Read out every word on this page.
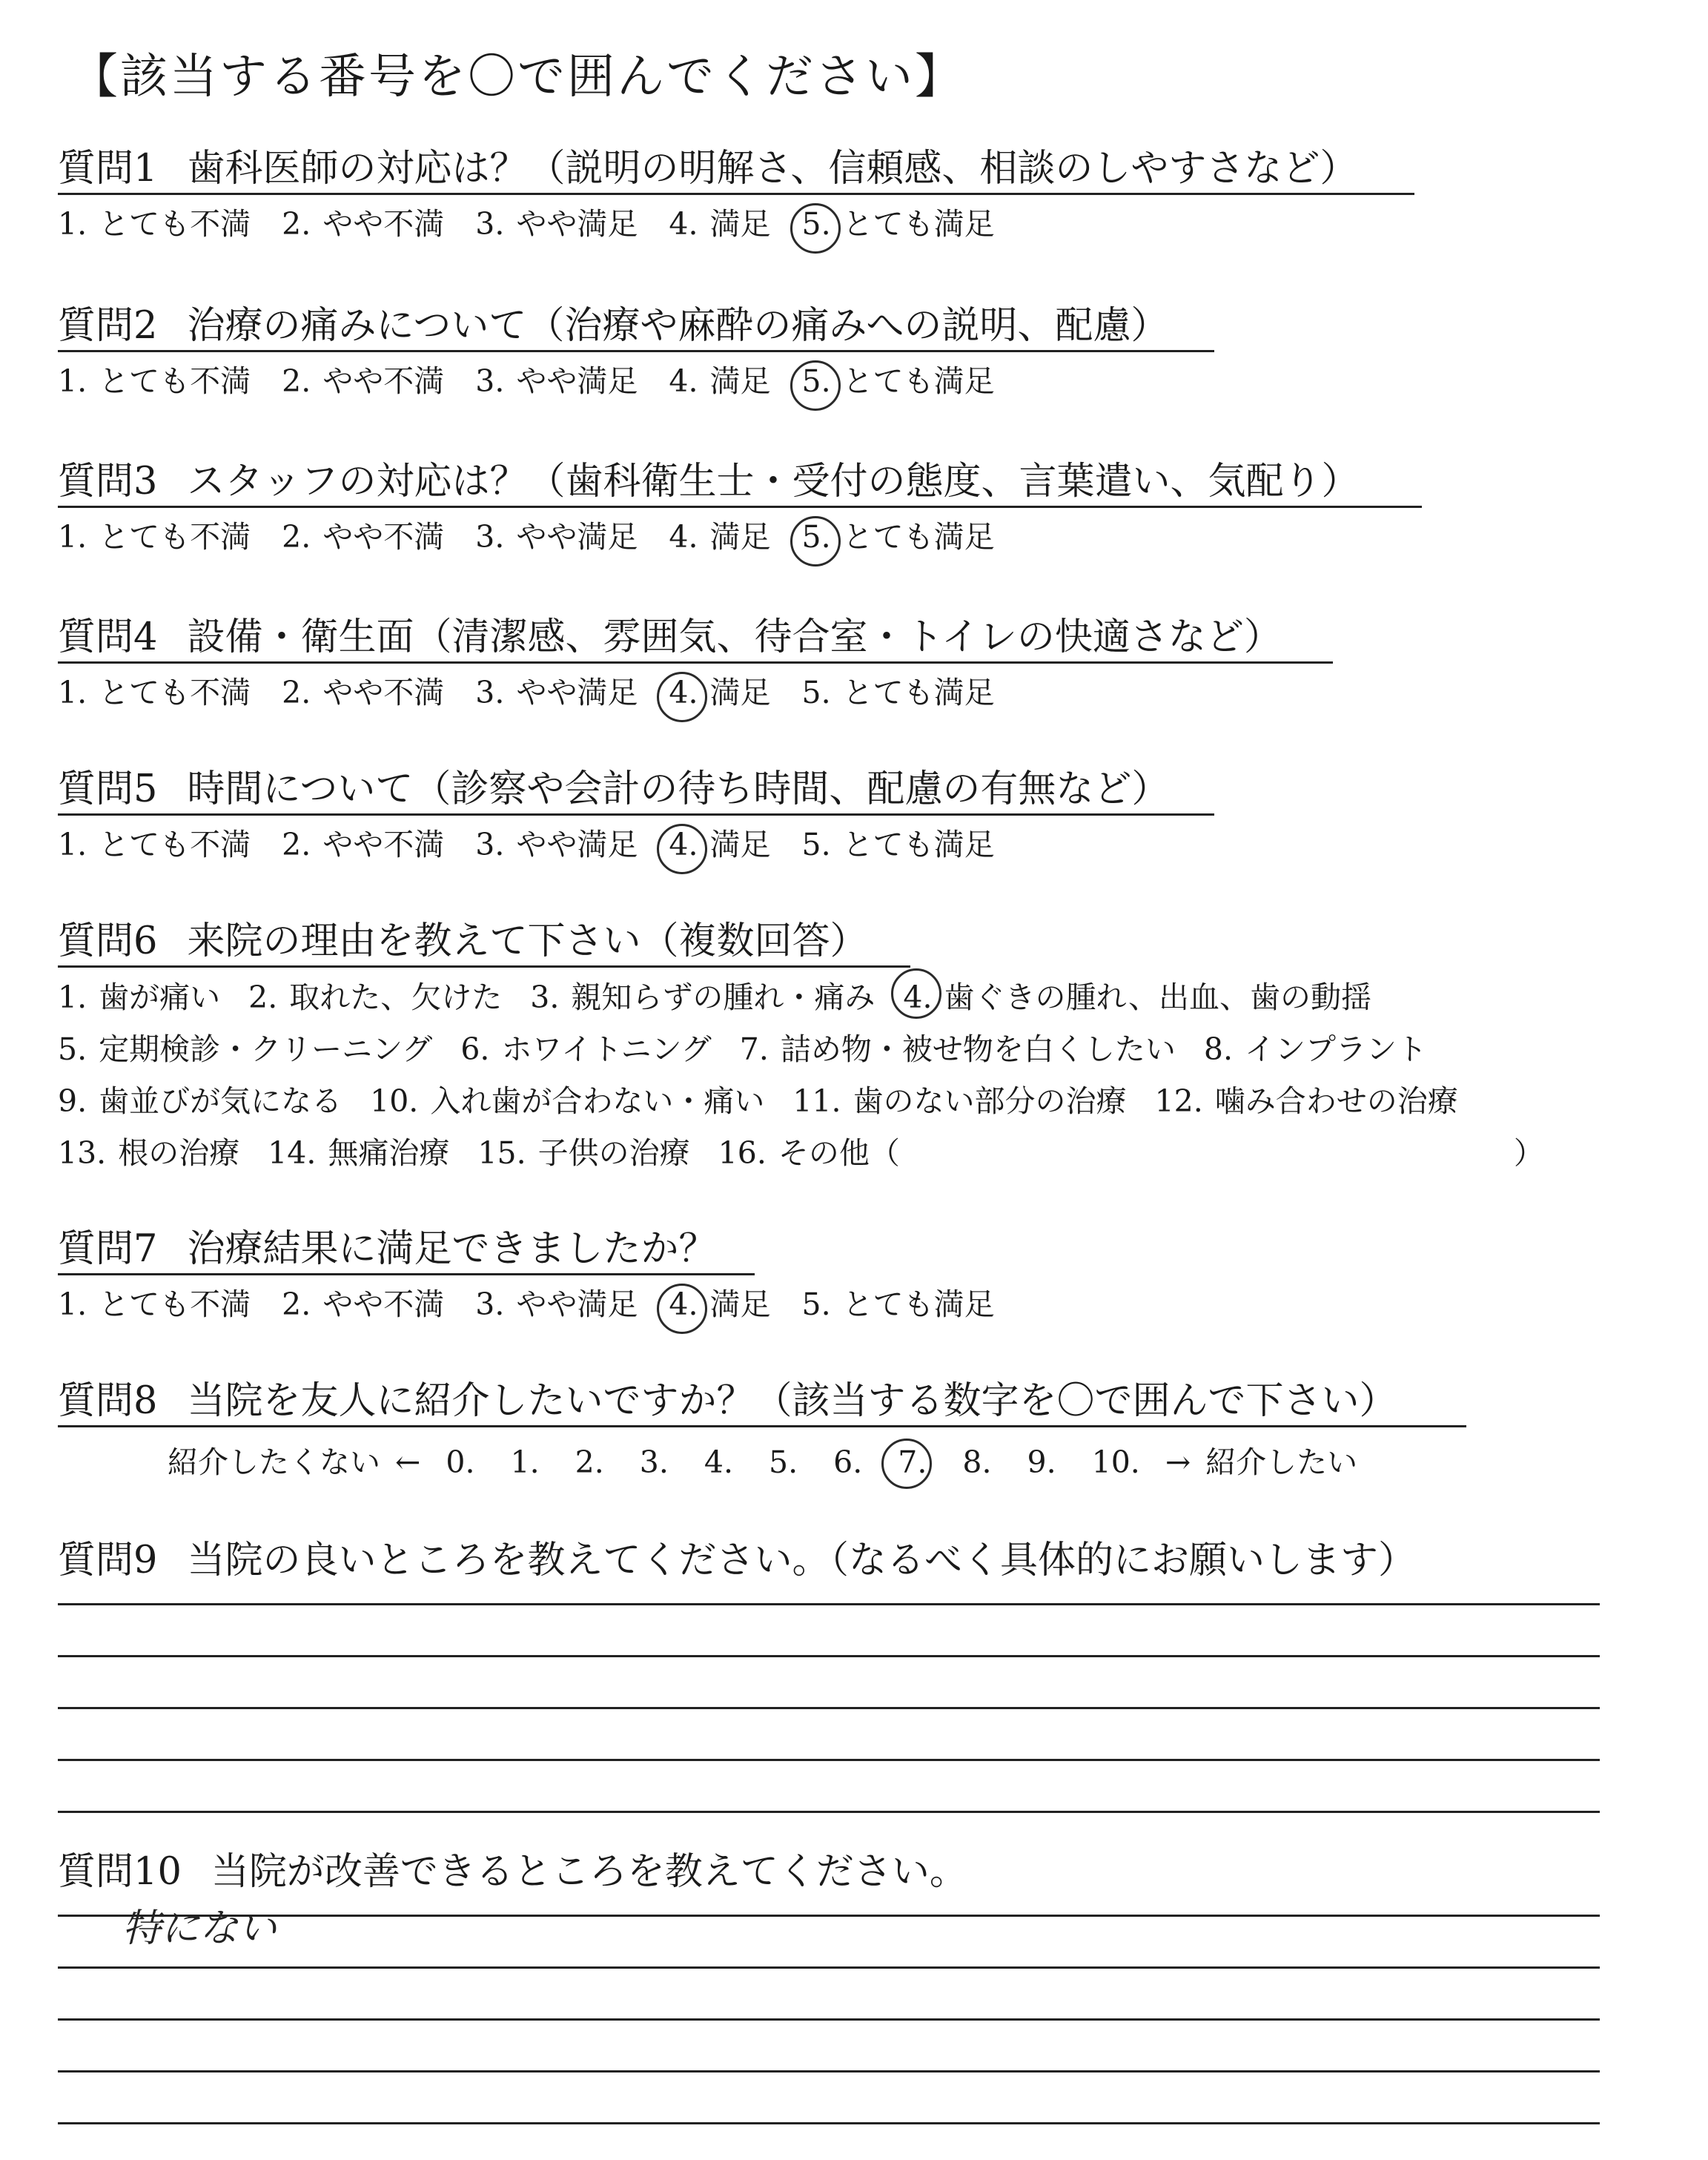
【該当する番号を〇で囲んでください】
質問1 歯科医師の対応は？（説明の明解さ、信頼感、相談のしやすさなど）
1. とても不満 2. やや不満 3. やや満足 4. 満足 5. とても満足
質問2 治療の痛みについて（治療や麻酔の痛みへの説明、配慮）
1. とても不満 2. やや不満 3. やや満足 4. 満足 5. とても満足
質問3 スタッフの対応は？（歯科衛生士・受付の態度、言葉遣い、気配り）
1. とても不満 2. やや不満 3. やや満足 4. 満足 5. とても満足
質問4 設備・衛生面（清潔感、雰囲気、待合室・トイレの快適さなど）
1. とても不満 2. やや不満 3. やや満足 4. 満足 5. とても満足
質問5 時間について（診察や会計の待ち時間、配慮の有無など）
1. とても不満 2. やや不満 3. やや満足 4. 満足 5. とても満足
質問6 来院の理由を教えて下さい（複数回答）
1. 歯が痛い 2. 取れた、欠けた 3. 親知らずの腫れ・痛み 4. 歯ぐきの腫れ、出血、歯の動揺
5. 定期検診・クリーニング 6. ホワイトニング 7. 詰め物・被せ物を白くしたい 8. インプラント
9. 歯並びが気になる 10. 入れ歯が合わない・痛い 11. 歯のない部分の治療 12. 噛み合わせの治療
13. 根の治療 14. 無痛治療 15. 子供の治療 16. その他（	）
質問7 治療結果に満足できましたか？
1. とても不満 2. やや不満 3. やや満足 4. 満足 5. とても満足
質問8 当院を友人に紹介したいですか？（該当する数字を〇で囲んで下さい）
紹介したくない ← 0. 1. 2. 3. 4. 5. 6. 7. 8. 9. 10. → 紹介したい
質問9 当院の良いところを教えてください。（なるべく具体的にお願いします）
質問10 当院が改善できるところを教えてください。
特にない
